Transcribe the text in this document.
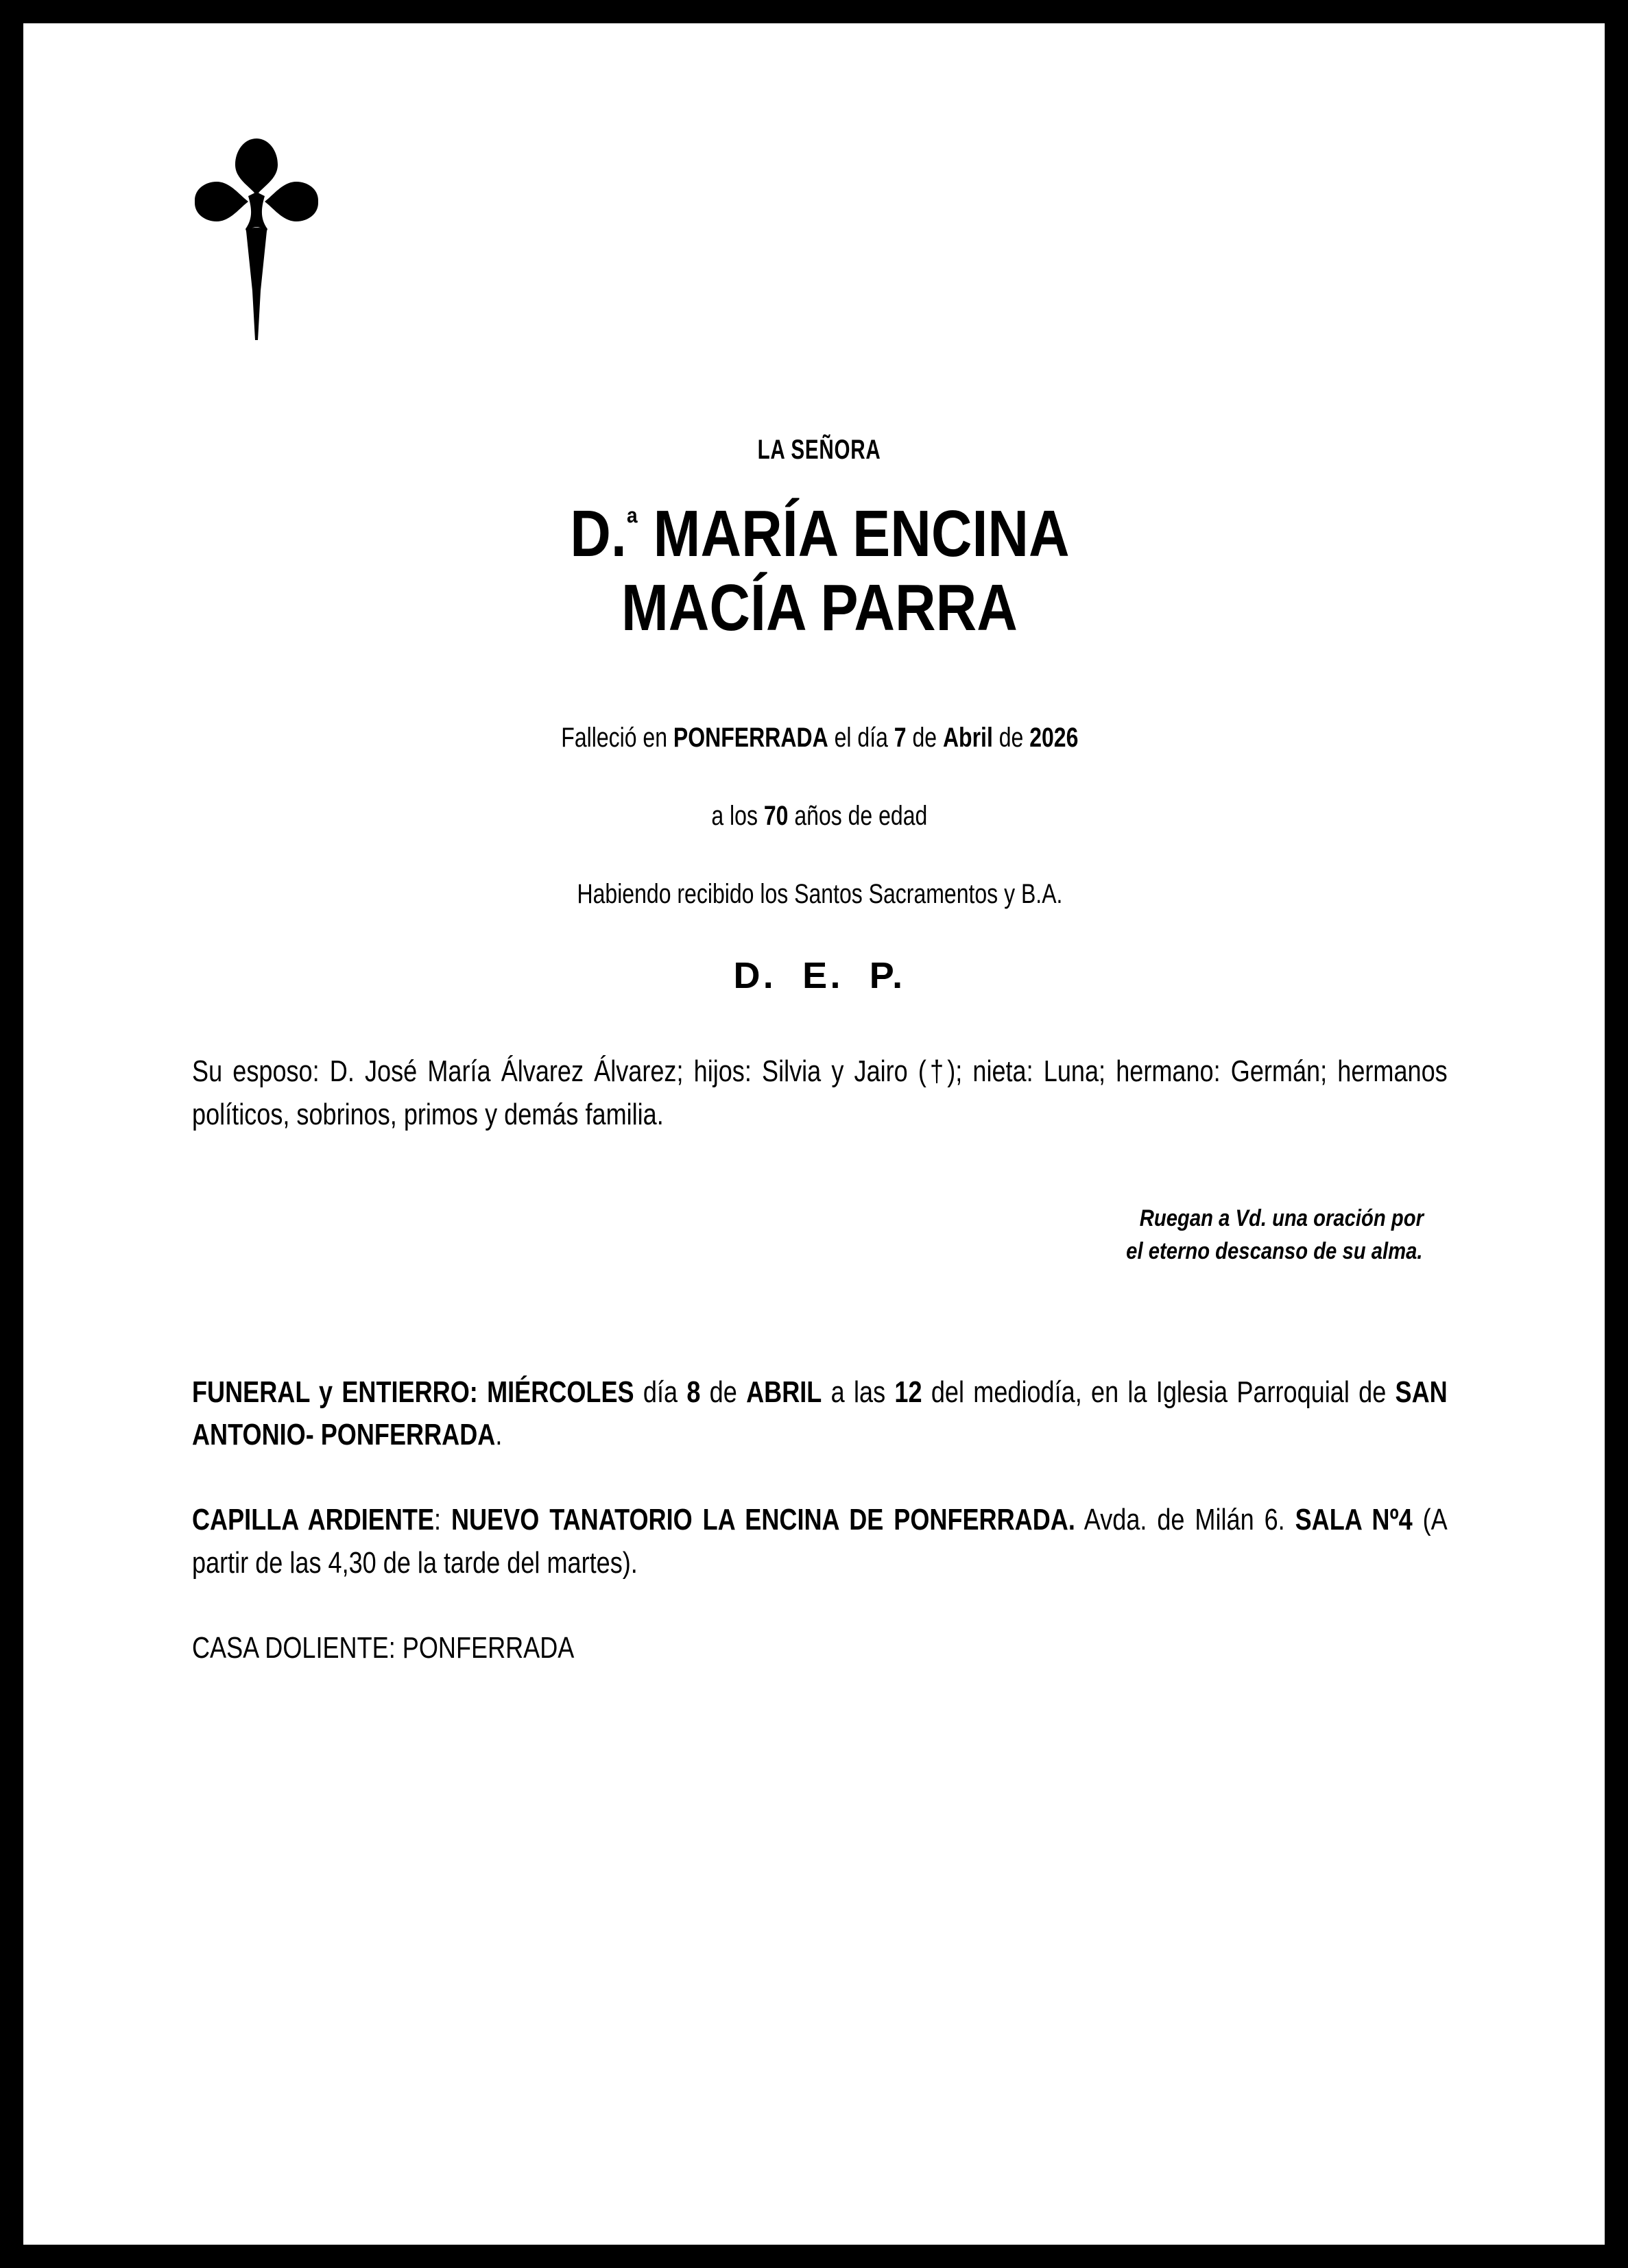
LA SEÑORA
D.$^ª$ MARÍA ENCINA
MACÍA PARRA
Falleció en PONFERRADA el día 7 de Abril de 2026
a los 70 años de edad
Habiendo recibido los Santos Sacramentos y B.A.
D. E. P.
Su esposo: D. José María Álvarez Álvarez; hijos: Silvia y Jairo (†); nieta: Luna; hermano: Germán; hermanos políticos, sobrinos, primos y demás familia.
Ruegan a Vd. una oración por
el eterno descanso de su alma.
FUNERAL y ENTIERRO: MIÉRCOLES día 8 de ABRIL a las 12 del mediodía, en la Iglesia Parroquial de SAN ANTONIO- PONFERRADA.
CAPILLA ARDIENTE: NUEVO TANATORIO LA ENCINA DE PONFERRADA. Avda. de Milán 6. SALA Nº4 (A partir de las 4,30 de la tarde del martes).
CASA DOLIENTE: PONFERRADA
